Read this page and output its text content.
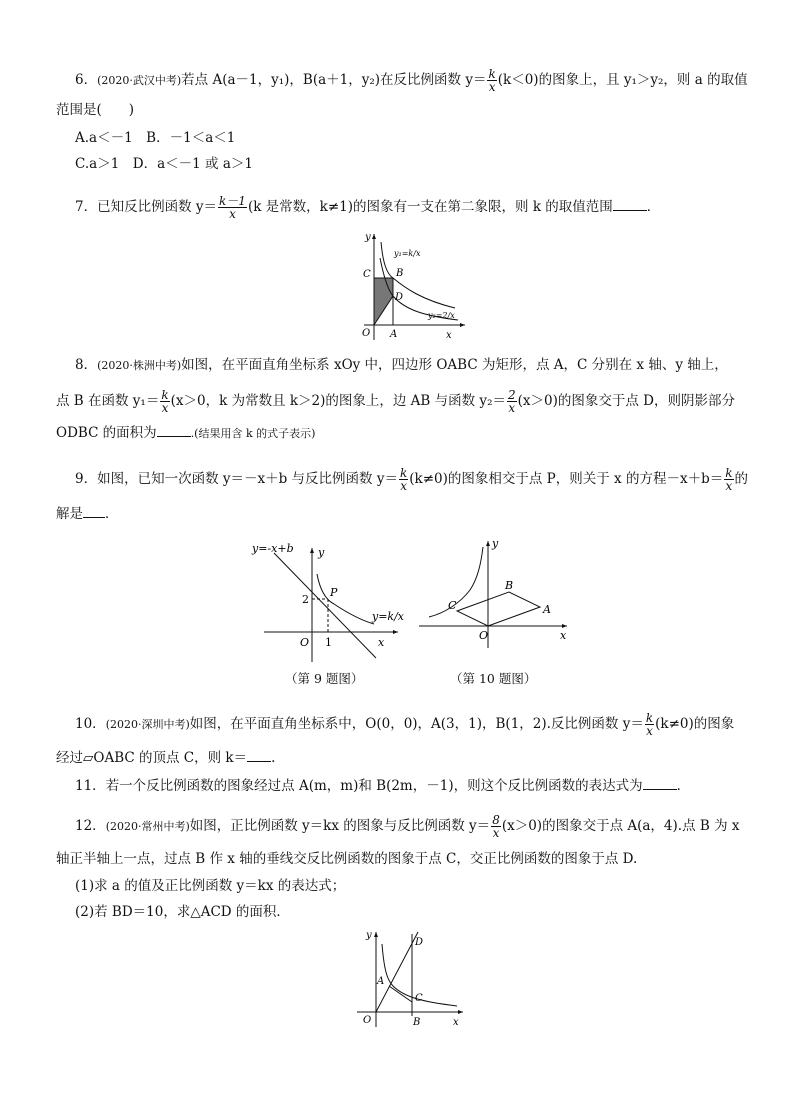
6．(2020·武汉中考)若点 A(a－1，y₁)，B(a＋1，y₂)在反比例函数 $y= \frac{k}{x} (k<0)$的图象上，且 y₁＞y₂，则 a 的取值
范围是(　　)
A.a＜－1　B．－1＜a＜1
C.a＞1　D．a＜－1 或 a＞1
7．已知反比例函数 $y= \frac{k-1}{x} (k$ 是常数，k≠1)的图象有一支在第二象限，则 k 的取值范围	．
y
x
O A
B
C
D
y₁=k/x
y₂=2/x
8．(2020·株洲中考)如图，在平面直角坐标系 xOy 中，四边形 OABC 为矩形，点 A，C 分别在 x 轴、y 轴上，
点 B 在函数 $y_1= \frac{k}{x} (x>0$，k 为常数且 k＞2)的图象上，边 AB 与函数 $y_2= \frac{2}{x} (x>0)$的图象交于点 D，则阴影部分
ODBC 的面积为	.(结果用含 k 的式子表示)
9．如图，已知一次函数 y＝－x＋b 与反比例函数 $y= \frac{k}{x} (k\ne 0)$的图象相交于点 P，则关于 x 的方程$-x+b= \frac{k}{x}$ 的
解是 ．
y=-x+b y
x
O
P
2
1
y=k/x
（第 9 题图）
y
x
O
A
B
C
（第 10 题图）
10．(2020·深圳中考)如图，在平面直角坐标系中，O(0，0)，A(3，1)，B(1，2).反比例函数 $y= \frac{k}{x} (k\ne 0)$的图象
经过▱OABC 的顶点 C，则 k＝ .
11．若一个反比例函数的图象经过点 A(m，m)和 B(2m，－1)，则这个反比例函数的表达式为	．
12．(2020·常州中考)如图，正比例函数 y＝kx 的图象与反比例函数 $y= \frac{8}{x} (x>0)$的图象交于点 A(a，4).点 B 为 x
轴正半轴上一点，过点 B 作 x 轴的垂线交反比例函数的图象于点 C，交正比例函数的图象于点 D.
(1)求 a 的值及正比例函数 y＝kx 的表达式；
(2)若 BD＝10，求△ACD 的面积．
y
x
O
A
B
C
D
